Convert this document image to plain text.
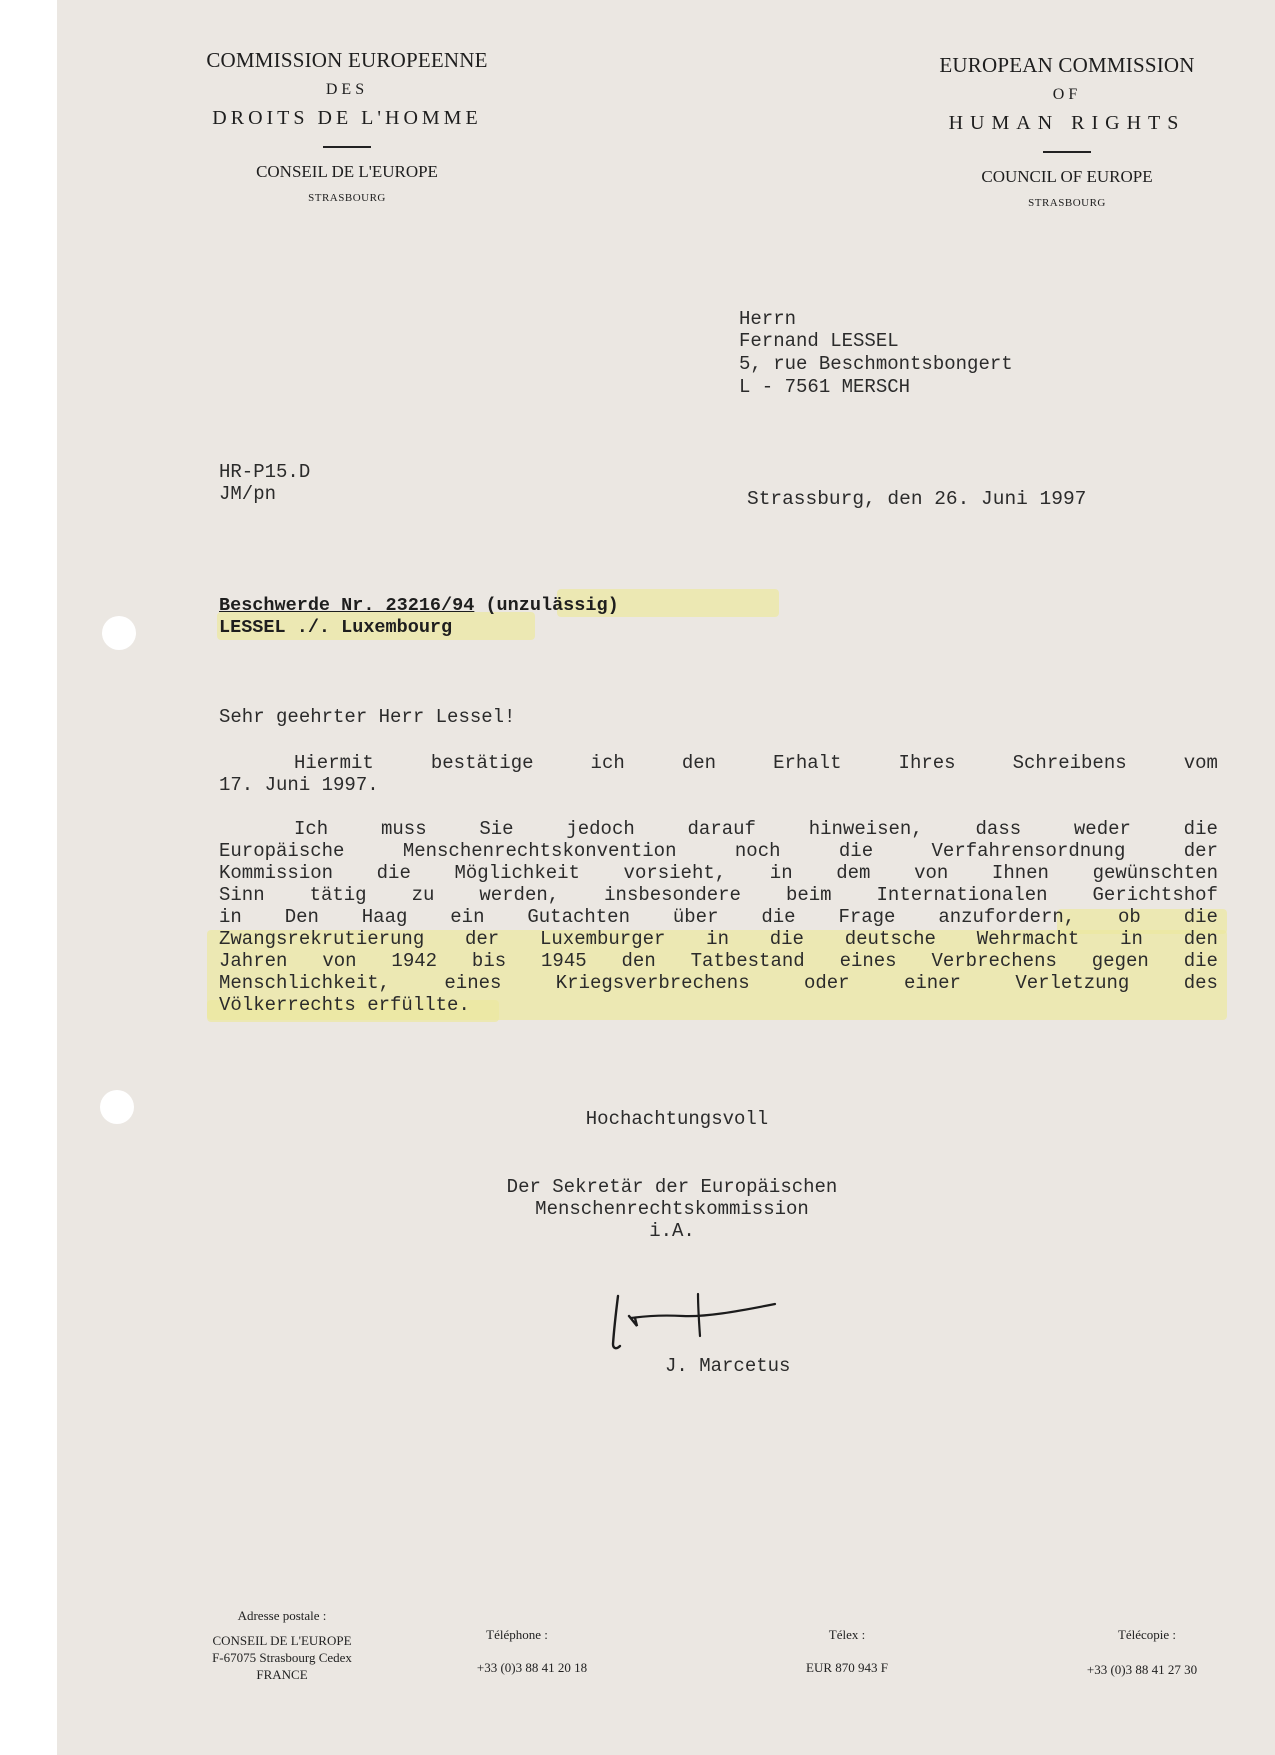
COMMISSION EUROPEENNE
DES
DROITS DE L'HOMME
CONSEIL DE L'EUROPE
STRASBOURG
EUROPEAN COMMISSION
OF
HUMAN RIGHTS
COUNCIL OF EUROPE
STRASBOURG
Herrn
Fernand LESSEL
5, rue Beschmontsbongert
L - 7561 MERSCH
HR-P15.D
JM/pn	Strassburg, den 26. Juni 1997
Beschwerde Nr. 23216/94 (unzulässig)
LESSEL ./. Luxembourg
Sehr geehrter Herr Lessel!
Hiermit	bestätige	ich	den	Erhalt	Ihres	Schreibens	vom
17. Juni 1997.
Ich	muss	Sie	jedoch	darauf	hinweisen,	dass	weder	die
Europäische	Menschenrechtskonvention	noch	die	Verfahrensordnung	der
Kommission die Möglichkeit vorsieht, in dem von Ihnen gewünschten
Sinn tätig zu werden, insbesondere beim Internationalen Gerichtshof
in Den Haag ein Gutachten über die Frage anzufordern, ob die
Zwangsrekrutierung der Luxemburger in die deutsche Wehrmacht in den
Jahren von 1942 bis 1945 den Tatbestand eines Verbrechens gegen die
Menschlichkeit,	eines	Kriegsverbrechens	oder	einer	Verletzung	des
Völkerrechts erfüllte.
Hochachtungsvoll
Der Sekretär der Europäischen
Menschenrechtskommission
i.A.
J. Marcetus
Adresse postale :
CONSEIL DE L'EUROPE
F-67075 Strasbourg Cedex
FRANCE
Téléphone :
+33 (0)3 88 41 20 18
Télex :
EUR 870 943 F
Télécopie :
+33 (0)3 88 41 27 30
